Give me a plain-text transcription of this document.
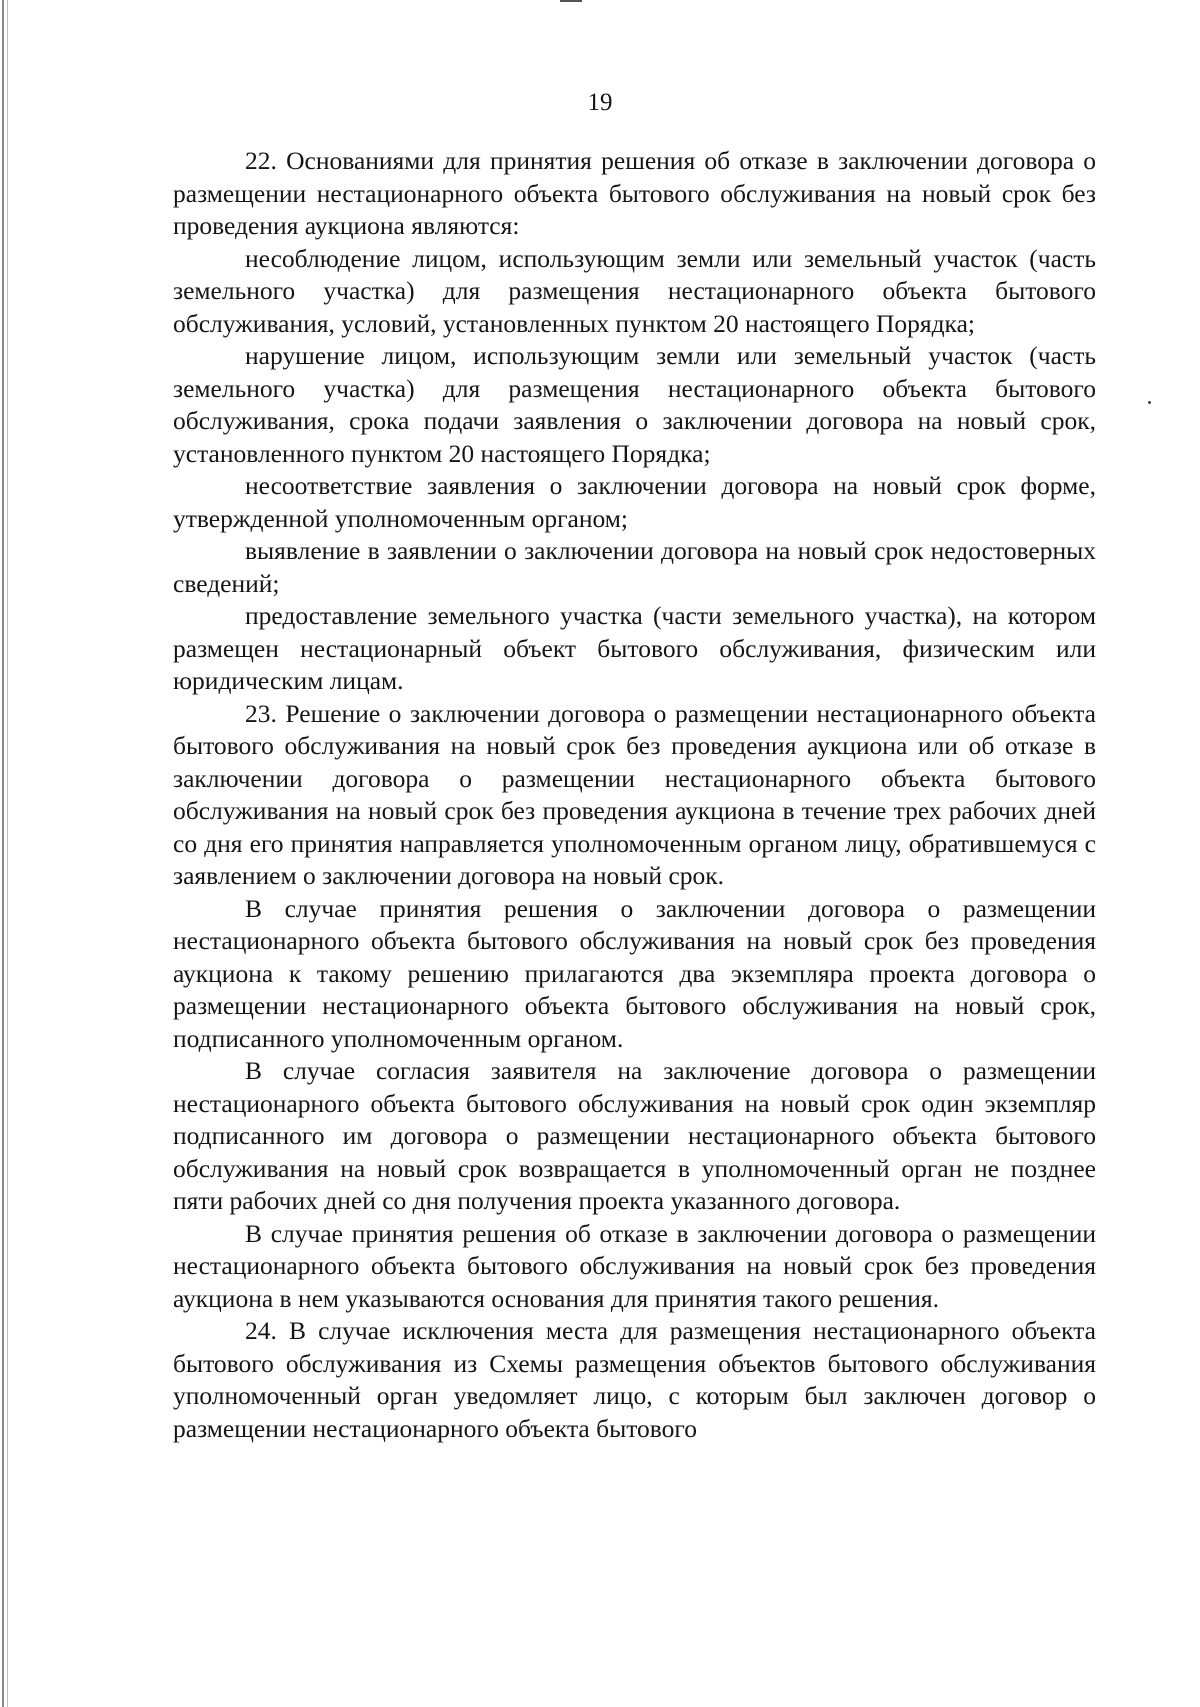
19

22. Основаниями для принятия решения об отказе в заключении договора о размещении нестационарного объекта бытового обслуживания на новый срок без проведения аукциона являются:

несоблюдение лицом, использующим земли или земельный участок (часть земельного участка) для размещения нестационарного объекта бытового обслуживания, условий, установленных пунктом 20 настоящего Порядка;

нарушение лицом, использующим земли или земельный участок (часть земельного участка) для размещения нестационарного объекта бытового обслуживания, срока подачи заявления о заключении договора на новый срок, установленного пунктом 20 настоящего Порядка;

несоответствие заявления о заключении договора на новый срок форме, утвержденной уполномоченным органом;

выявление в заявлении о заключении договора на новый срок недостоверных сведений;

предоставление земельного участка (части земельного участка), на котором размещен нестационарный объект бытового обслуживания, физическим или юридическим лицам.

23. Решение о заключении договора о размещении нестационарного объекта бытового обслуживания на новый срок без проведения аукциона или об отказе в заключении договора о размещении нестационарного объекта бытового обслуживания на новый срок без проведения аукциона в течение трех рабочих дней со дня его принятия направляется уполномоченным органом лицу, обратившемуся с заявлением о заключении договора на новый срок.

В случае принятия решения о заключении договора о размещении нестационарного объекта бытового обслуживания на новый срок без проведения аукциона к такому решению прилагаются два экземпляра проекта договора о размещении нестационарного объекта бытового обслуживания на новый срок, подписанного уполномоченным органом.

В случае согласия заявителя на заключение договора о размещении нестационарного объекта бытового обслуживания на новый срок один экземпляр подписанного им договора о размещении нестационарного объекта бытового обслуживания на новый срок возвращается в уполномоченный орган не позднее пяти рабочих дней со дня получения проекта указанного договора.

В случае принятия решения об отказе в заключении договора о размещении нестационарного объекта бытового обслуживания на новый срок без проведения аукциона в нем указываются основания для принятия такого решения.

24. В случае исключения места для размещения нестационарного объекта бытового обслуживания из Схемы размещения объектов бытового обслуживания уполномоченный орган уведомляет лицо, с которым был заключен договор о размещении нестационарного объекта бытового
